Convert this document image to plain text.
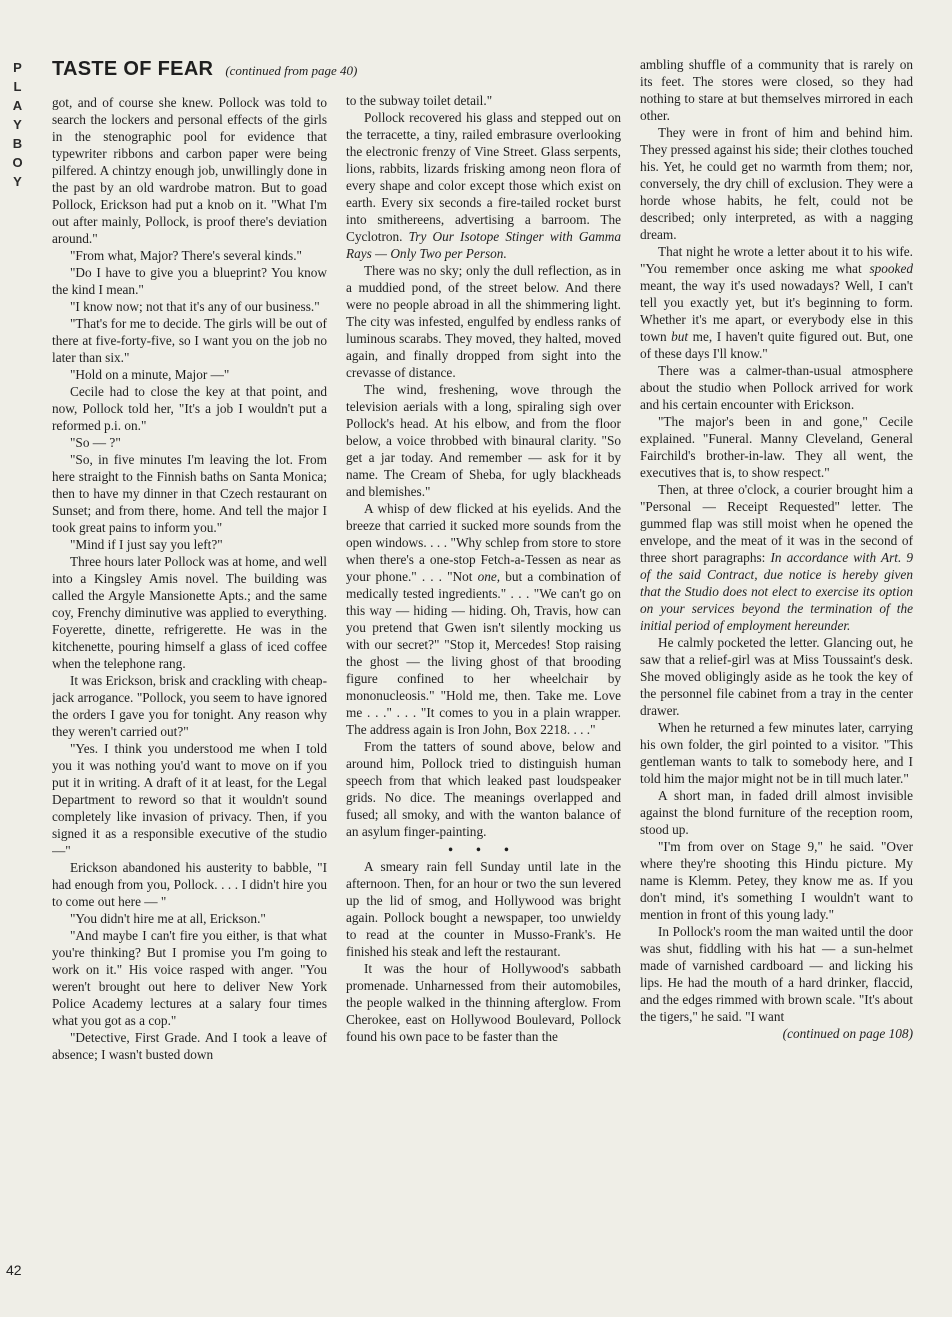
PLAYBOY
42
TASTE OF FEAR (continued from page 40)

got, and of course she knew. Pollock was told to search the lockers and personal effects of the girls in the stenographic pool for evidence that typewriter ribbons and carbon paper were being pilfered. A chintzy enough job, unwillingly done in the past by an old wardrobe matron. But to goad Pollock, Erickson had put a knob on it. "What I'm out after mainly, Pollock, is proof there's deviation around."

"From what, Major? There's several kinds."

"Do I have to give you a blueprint? You know the kind I mean."

"I know now; not that it's any of our business."

"That's for me to decide. The girls will be out of there at five-forty-five, so I want you on the job no later than six."

"Hold on a minute, Major —"

Cecile had to close the key at that point, and now, Pollock told her, "It's a job I wouldn't put a reformed p.i. on."

"So — ?"

"So, in five minutes I'm leaving the lot. From here straight to the Finnish baths on Santa Monica; then to have my dinner in that Czech restaurant on Sunset; and from there, home. And tell the major I took great pains to inform you."

"Mind if I just say you left?"

Three hours later Pollock was at home, and well into a Kingsley Amis novel. The building was called the Argyle Mansionette Apts.; and the same coy, Frenchy diminutive was applied to everything. Foyerette, dinette, refrigerette. He was in the kitchenette, pouring himself a glass of iced coffee when the telephone rang.

It was Erickson, brisk and crackling with cheap-jack arrogance. "Pollock, you seem to have ignored the orders I gave you for tonight. Any reason why they weren't carried out?"

"Yes. I think you understood me when I told you it was nothing you'd want to move on if you put it in writing. A draft of it at least, for the Legal Department to reword so that it wouldn't sound completely like invasion of privacy. Then, if you signed it as a responsible executive of the studio —"

Erickson abandoned his austerity to babble, "I had enough from you, Pollock. . . . I didn't hire you to come out here — "

"You didn't hire me at all, Erickson."

"And maybe I can't fire you either, is that what you're thinking? But I promise you I'm going to work on it." His voice rasped with anger. "You weren't brought out here to deliver New York Police Academy lectures at a salary four times what you got as a cop."

"Detective, First Grade. And I took a leave of absence; I wasn't busted down

to the subway toilet detail."

Pollock recovered his glass and stepped out on the terracette, a tiny, railed embrasure overlooking the electronic frenzy of Vine Street. Glass serpents, lions, rabbits, lizards frisking among neon flora of every shape and color except those which exist on earth. Every six seconds a fire-tailed rocket burst into smithereens, advertising a barroom. The Cyclotron. Try Our Isotope Stinger with Gamma Rays — Only Two per Person.

There was no sky; only the dull reflection, as in a muddied pond, of the street below. And there were no people abroad in all the shimmering light. The city was infested, engulfed by endless ranks of luminous scarabs. They moved, they halted, moved again, and finally dropped from sight into the crevasse of distance.

The wind, freshening, wove through the television aerials with a long, spiraling sigh over Pollock's head. At his elbow, and from the floor below, a voice throbbed with binaural clarity. "So get a jar today. And remember — ask for it by name. The Cream of Sheba, for ugly blackheads and blemishes."

A whisp of dew flicked at his eyelids. And the breeze that carried it sucked more sounds from the open windows. . . . "Why schlep from store to store when there's a one-stop Fetch-a-Tessen as near as your phone." . . . "Not one, but a combination of medically tested ingredients." . . . "We can't go on this way — hiding — hiding. Oh, Travis, how can you pretend that Gwen isn't silently mocking us with our secret?" "Stop it, Mercedes! Stop raising the ghost — the living ghost of that brooding figure confined to her wheelchair by mononucleosis." "Hold me, then. Take me. Love me . . ." . . . "It comes to you in a plain wrapper. The address again is Iron John, Box 2218. . . ."

From the tatters of sound above, below and around him, Pollock tried to distinguish human speech from that which leaked past loudspeaker grids. No dice. The meanings overlapped and fused; all smoky, and with the wanton balance of an asylum finger-painting.

• • •

A smeary rain fell Sunday until late in the afternoon. Then, for an hour or two the sun levered up the lid of smog, and Hollywood was bright again. Pollock bought a newspaper, too unwieldy to read at the counter in Musso-Frank's. He finished his steak and left the restaurant.

It was the hour of Hollywood's sabbath promenade. Unharnessed from their automobiles, the people walked in the thinning afterglow. From Cherokee, east on Hollywood Boulevard, Pollock found his own pace to be faster than the

ambling shuffle of a community that is rarely on its feet. The stores were closed, so they had nothing to stare at but themselves mirrored in each other.

They were in front of him and behind him. They pressed against his side; their clothes touched his. Yet, he could get no warmth from them; nor, conversely, the dry chill of exclusion. They were a horde whose habits, he felt, could not be described; only interpreted, as with a nagging dream.

That night he wrote a letter about it to his wife. "You remember once asking me what spooked meant, the way it's used nowadays? Well, I can't tell you exactly yet, but it's beginning to form. Whether it's me apart, or everybody else in this town but me, I haven't quite figured out. But, one of these days I'll know."

There was a calmer-than-usual atmosphere about the studio when Pollock arrived for work and his certain encounter with Erickson.

"The major's been in and gone," Cecile explained. "Funeral. Manny Cleveland, General Fairchild's brother-in-law. They all went, the executives that is, to show respect."

Then, at three o'clock, a courier brought him a "Personal — Receipt Requested" letter. The gummed flap was still moist when he opened the envelope, and the meat of it was in the second of three short paragraphs: In accordance with Art. 9 of the said Contract, due notice is hereby given that the Studio does not elect to exercise its option on your services beyond the termination of the initial period of employment hereunder.

He calmly pocketed the letter. Glancing out, he saw that a relief-girl was at Miss Toussaint's desk. She moved obligingly aside as he took the key of the personnel file cabinet from a tray in the center drawer.

When he returned a few minutes later, carrying his own folder, the girl pointed to a visitor. "This gentleman wants to talk to somebody here, and I told him the major might not be in till much later."

A short man, in faded drill almost invisible against the blond furniture of the reception room, stood up.

"I'm from over on Stage 9," he said. "Over where they're shooting this Hindu picture. My name is Klemm. Petey, they know me as. If you don't mind, it's something I wouldn't want to mention in front of this young lady."

In Pollock's room the man waited until the door was shut, fiddling with his hat — a sun-helmet made of varnished cardboard — and licking his lips. He had the mouth of a hard drinker, flaccid, and the edges rimmed with brown scale. "It's about the tigers," he said. "I want

(continued on page 108)
